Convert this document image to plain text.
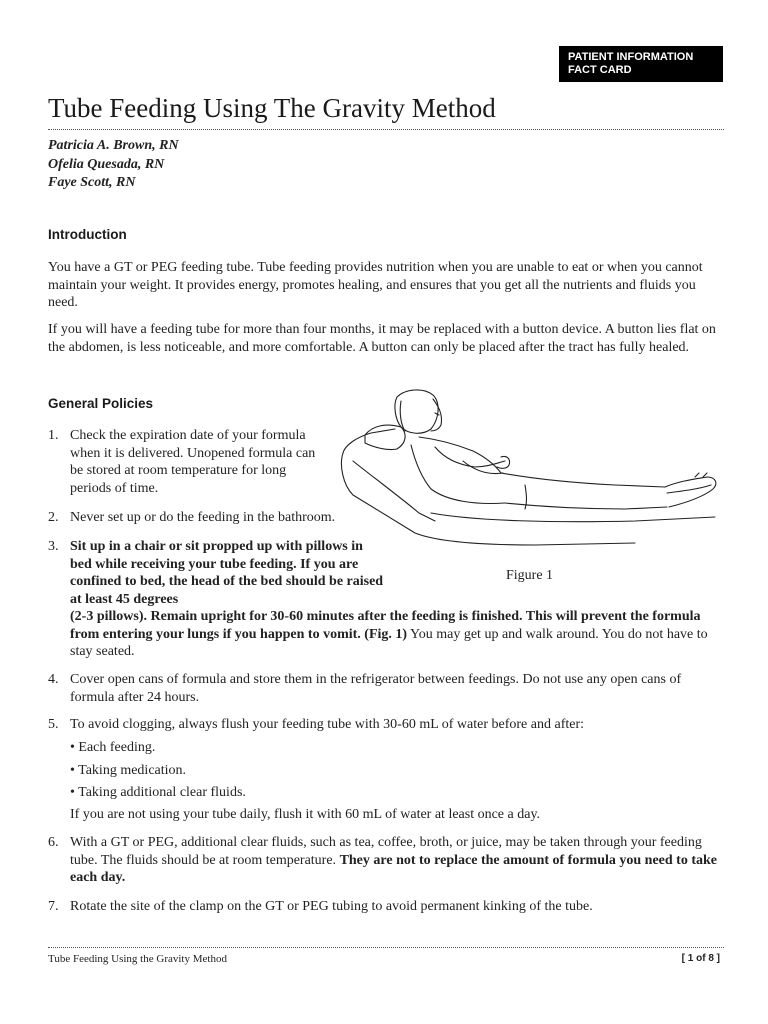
PATIENT INFORMATION
FACT CARD
Tube Feeding Using The Gravity Method
Patricia A. Brown, RN
Ofelia Quesada, RN
Faye Scott, RN
Introduction

You have a GT or PEG feeding tube. Tube feeding provides nutrition when you are unable to eat or when you cannot maintain your weight. It provides energy, promotes healing, and ensures that you get all the nutrients and fluids you need.

If you will have a feeding tube for more than four months, it may be replaced with a button device. A button lies flat on the abdomen, is less noticeable, and more comfortable. A button can only be placed after the tract has fully healed.

General Policies
Figure 1
1. Check the expiration date of your formula when it is delivered. Unopened formula can be stored at room temperature for long periods of time.
2. Never set up or do the feeding in the bathroom.
3. Sit up in a chair or sit propped up with pillows in bed while receiving your tube feeding. If you are confined to bed, the head of the bed should be raised at least 45 degrees
(2-3 pillows). Remain upright for 30-60 minutes after the feeding is finished. This will prevent the formula from entering your lungs if you happen to vomit. (Fig. 1) You may get up and walk around. You do not have to stay seated.
4. Cover open cans of formula and store them in the refrigerator between feedings. Do not use any open cans of formula after 24 hours.
5. To avoid clogging, always flush your feeding tube with 30-60 mL of water before and after:
• Each feeding.
• Taking medication.
• Taking additional clear fluids.
If you are not using your tube daily, flush it with 60 mL of water at least once a day.
6. With a GT or PEG, additional clear fluids, such as tea, coffee, broth, or juice, may be taken through your feeding tube. The fluids should be at room temperature. They are not to replace the amount of formula you need to take each day.
7. Rotate the site of the clamp on the GT or PEG tubing to avoid permanent kinking of the tube.
Tube Feeding Using the Gravity Method	[ 1 of 8 ]
